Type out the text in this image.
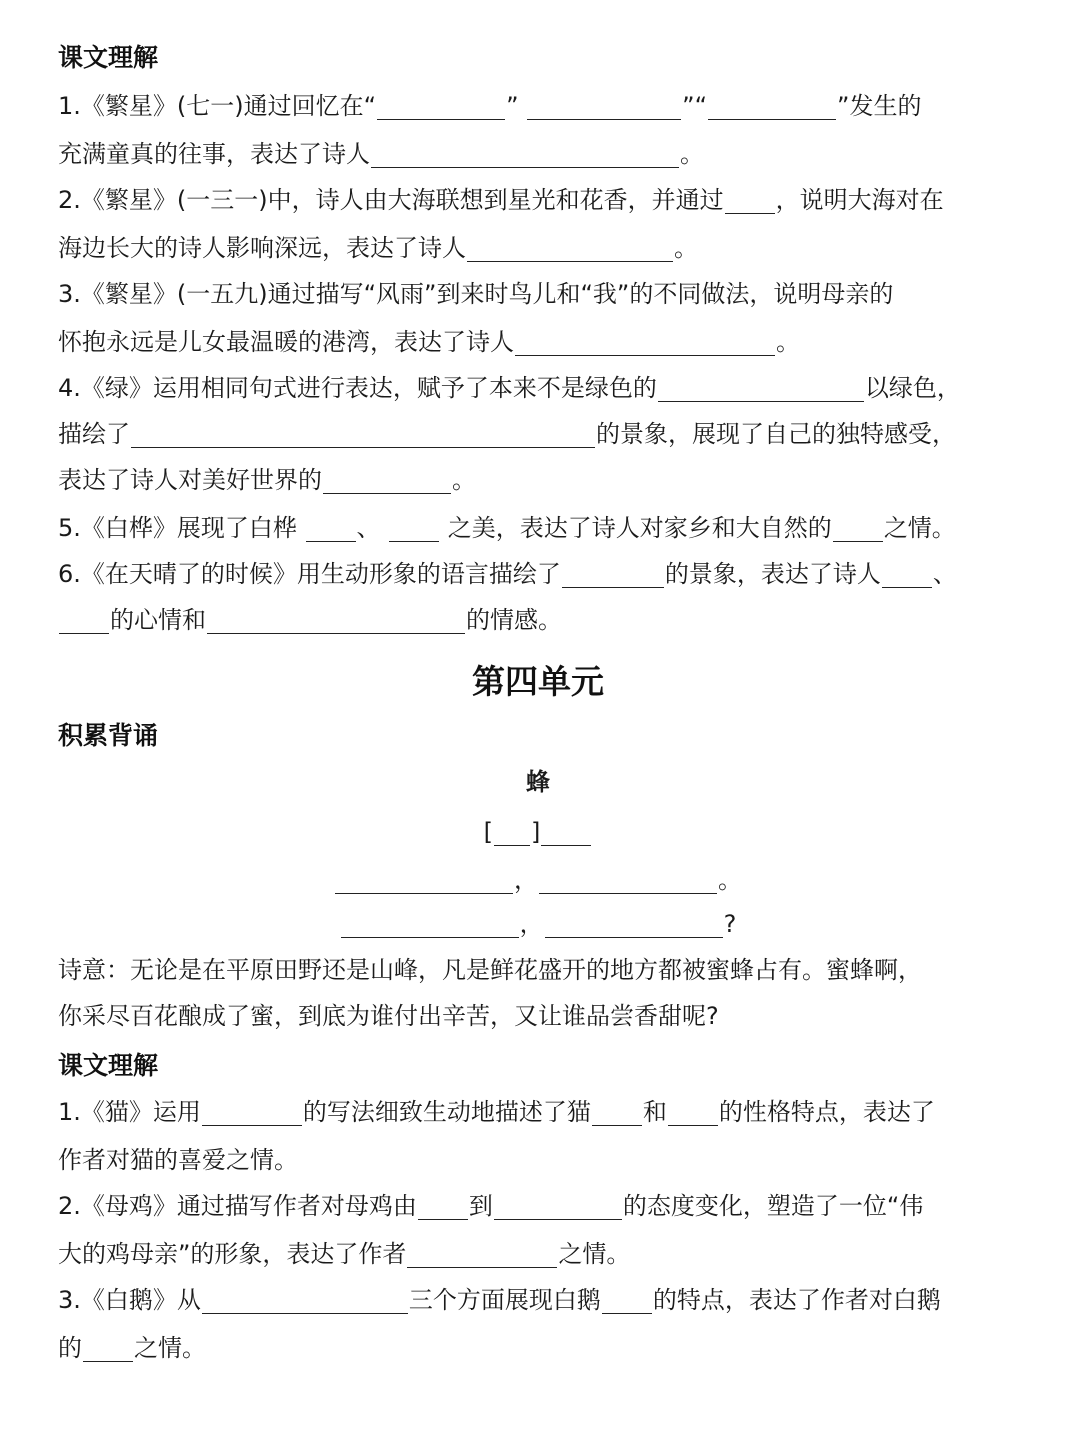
课文理解
1.《繁星》(七一)通过回忆在“	”	”“	”发生的
充满童真的往事，表达了诗人	。
2.《繁星》(一三一)中，诗人由大海联想到星光和花香，并通过 ，说明大海对在
海边长大的诗人影响深远，表达了诗人	。
3.《繁星》(一五九)通过描写“风雨”到来时鸟儿和“我”的不同做法，说明母亲的
怀抱永远是儿女最温暖的港湾，表达了诗人	。
4.《绿》运用相同句式进行表达，赋予了本来不是绿色的	以绿色，
描绘了	的景象，展现了自己的独特感受，
表达了诗人对美好世界的	。
5.《白桦》展现了白桦 、  之美，表达了诗人对家乡和大自然的 之情。
6.《在天晴了的时候》用生动形象的语言描绘了	的景象，表达了诗人 、
的心情和	的情感。
第四单元
积累背诵
蜂
[ ]
，	。
，	?
诗意：无论是在平原田野还是山峰，凡是鲜花盛开的地方都被蜜蜂占有。蜜蜂啊，
你采尽百花酿成了蜜，到底为谁付出辛苦，又让谁品尝香甜呢?
课文理解
1.《猫》运用	的写法细致生动地描述了猫 和 的性格特点，表达了
作者对猫的喜爱之情。
2.《母鸡》通过描写作者对母鸡由 到	的态度变化，塑造了一位“伟
大的鸡母亲”的形象，表达了作者	之情。
3.《白鹅》从	三个方面展现白鹅 的特点，表达了作者对白鹅
的 之情。
